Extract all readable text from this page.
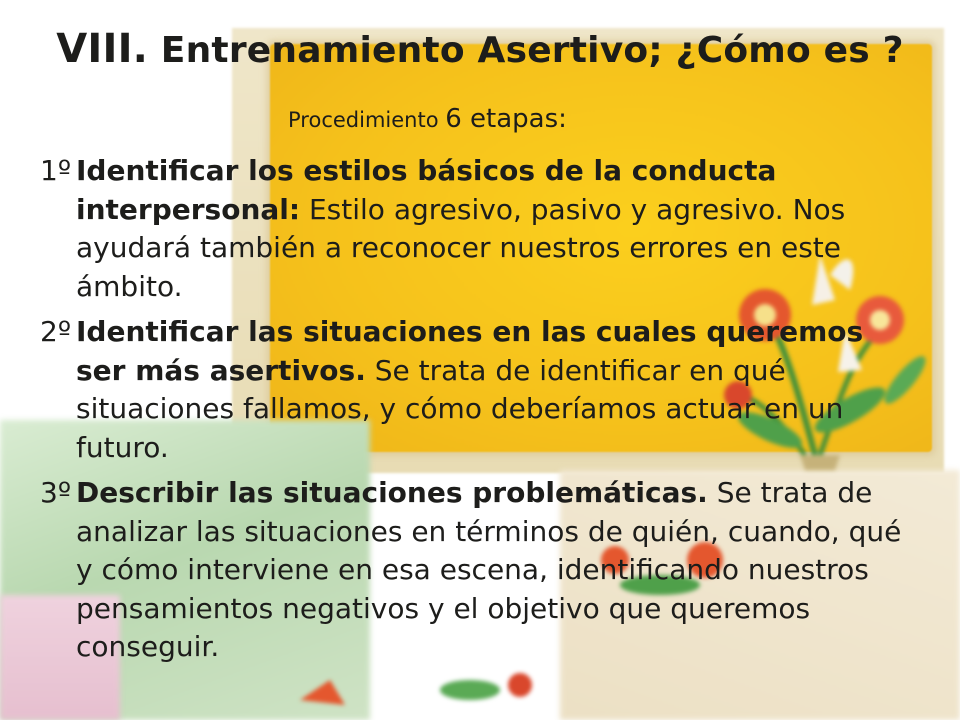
VIII. Entrenamiento Asertivo; ¿Cómo es ?
Procedimiento 6 etapas:
1º Identificar los estilos básicos de la conducta interpersonal: Estilo agresivo, pasivo y agresivo. Nos ayudará también a reconocer nuestros errores en este ámbito.
2º Identificar las situaciones en las cuales queremos ser más asertivos. Se trata de identificar en qué situaciones fallamos, y cómo deberíamos actuar en un futuro.
3º Describir las situaciones problemáticas. Se trata de analizar las situaciones en términos de quién, cuando, qué y cómo interviene en esa escena, identificando nuestros pensamientos negativos y el objetivo que queremos conseguir.
